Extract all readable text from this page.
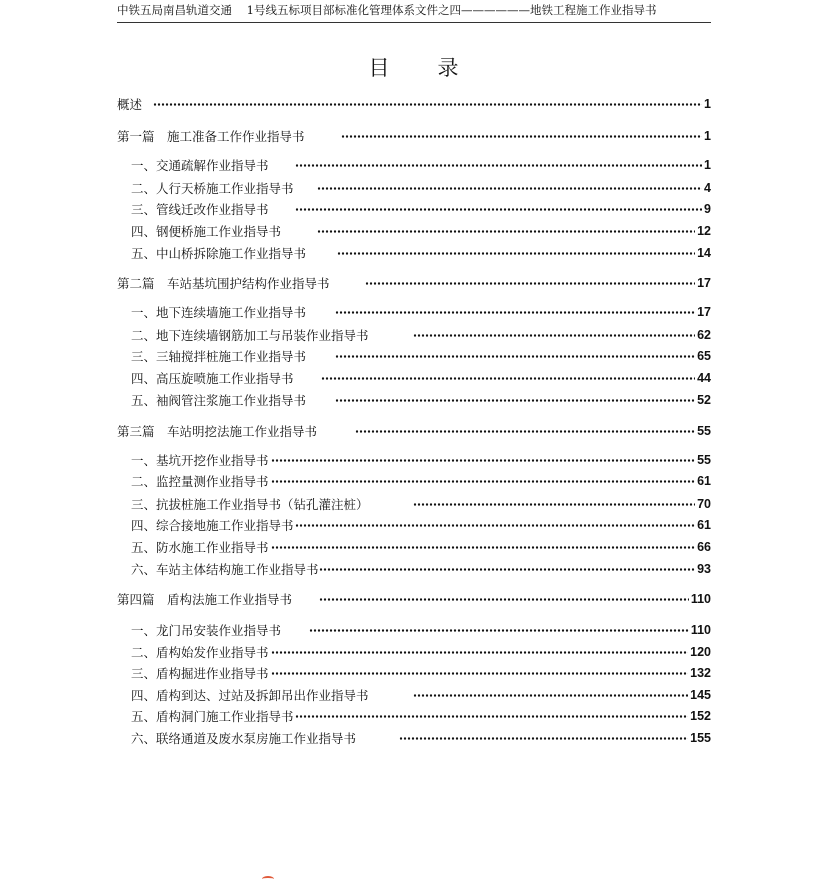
中铁五局南昌轨道交通 1号线五标项目部标准化管理体系文件之四——————地铁工程施工作业指导书
目 录
概述	1
第一篇　施工准备工作作业指导书	1
一、交通疏解作业指导书	1
二、人行天桥施工作业指导书	4
三、管线迁改作业指导书	9
四、钢便桥施工作业指导书	12
五、中山桥拆除施工作业指导书	14
第二篇　车站基坑围护结构作业指导书	17
一、地下连续墙施工作业指导书	17
二、地下连续墙钢筋加工与吊装作业指导书	62
三、三轴搅拌桩施工作业指导书	65
四、高压旋喷施工作业指导书	44
五、袖阀管注浆施工作业指导书	52
第三篇　车站明挖法施工作业指导书	55
一、基坑开挖作业指导书	55
二、监控量测作业指导书	61
三、抗拔桩施工作业指导书（钻孔灌注桩）	70
四、综合接地施工作业指导书	61
五、防水施工作业指导书	66
六、车站主体结构施工作业指导书	93
第四篇　盾构法施工作业指导书	110
一、龙门吊安装作业指导书	110
二、盾构始发作业指导书	120
三、盾构掘进作业指导书	132
四、盾构到达、过站及拆卸吊出作业指导书	145
五、盾构洞门施工作业指导书	152
六、联络通道及废水泵房施工作业指导书	155
